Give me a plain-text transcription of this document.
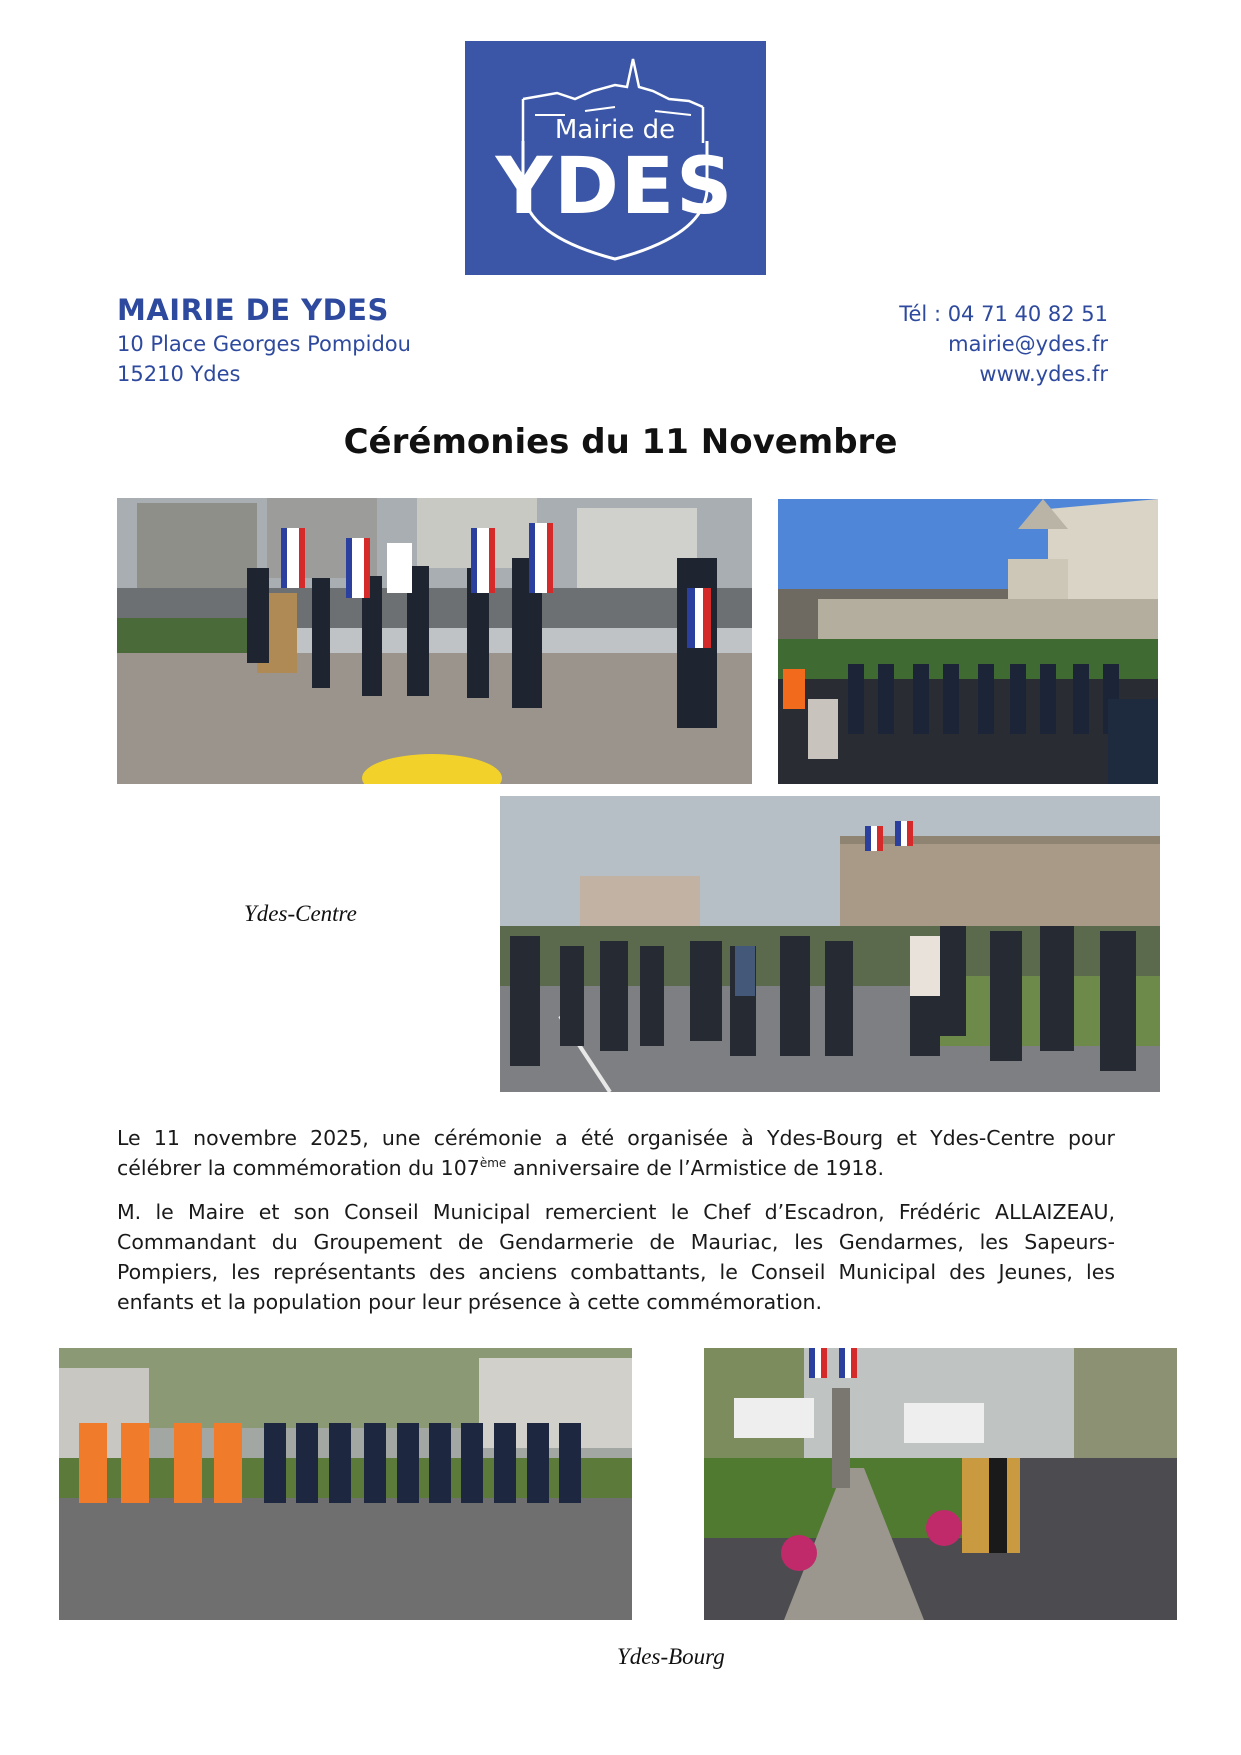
Mairie de
YDES
MAIRIE DE YDES
10 Place Georges Pompidou
15210 Ydes
Tél : 04 71 40 82 51
mairie@ydes.fr
www.ydes.fr
Cérémonies du 11 Novembre
Ydes-Centre
Le 11 novembre 2025, une cérémonie a été organisée à Ydes-Bourg et Ydes-Centre pour célébrer la commémoration du 107ème anniversaire de l’Armistice de 1918.
M. le Maire et son Conseil Municipal remercient le Chef d’Escadron, Frédéric ALLAIZEAU, Commandant du Groupement de Gendarmerie de Mauriac, les Gendarmes, les Sapeurs-Pompiers, les représentants des anciens combattants, le Conseil Municipal des Jeunes, les enfants et la population pour leur présence à cette commémoration.
Ydes-Bourg
